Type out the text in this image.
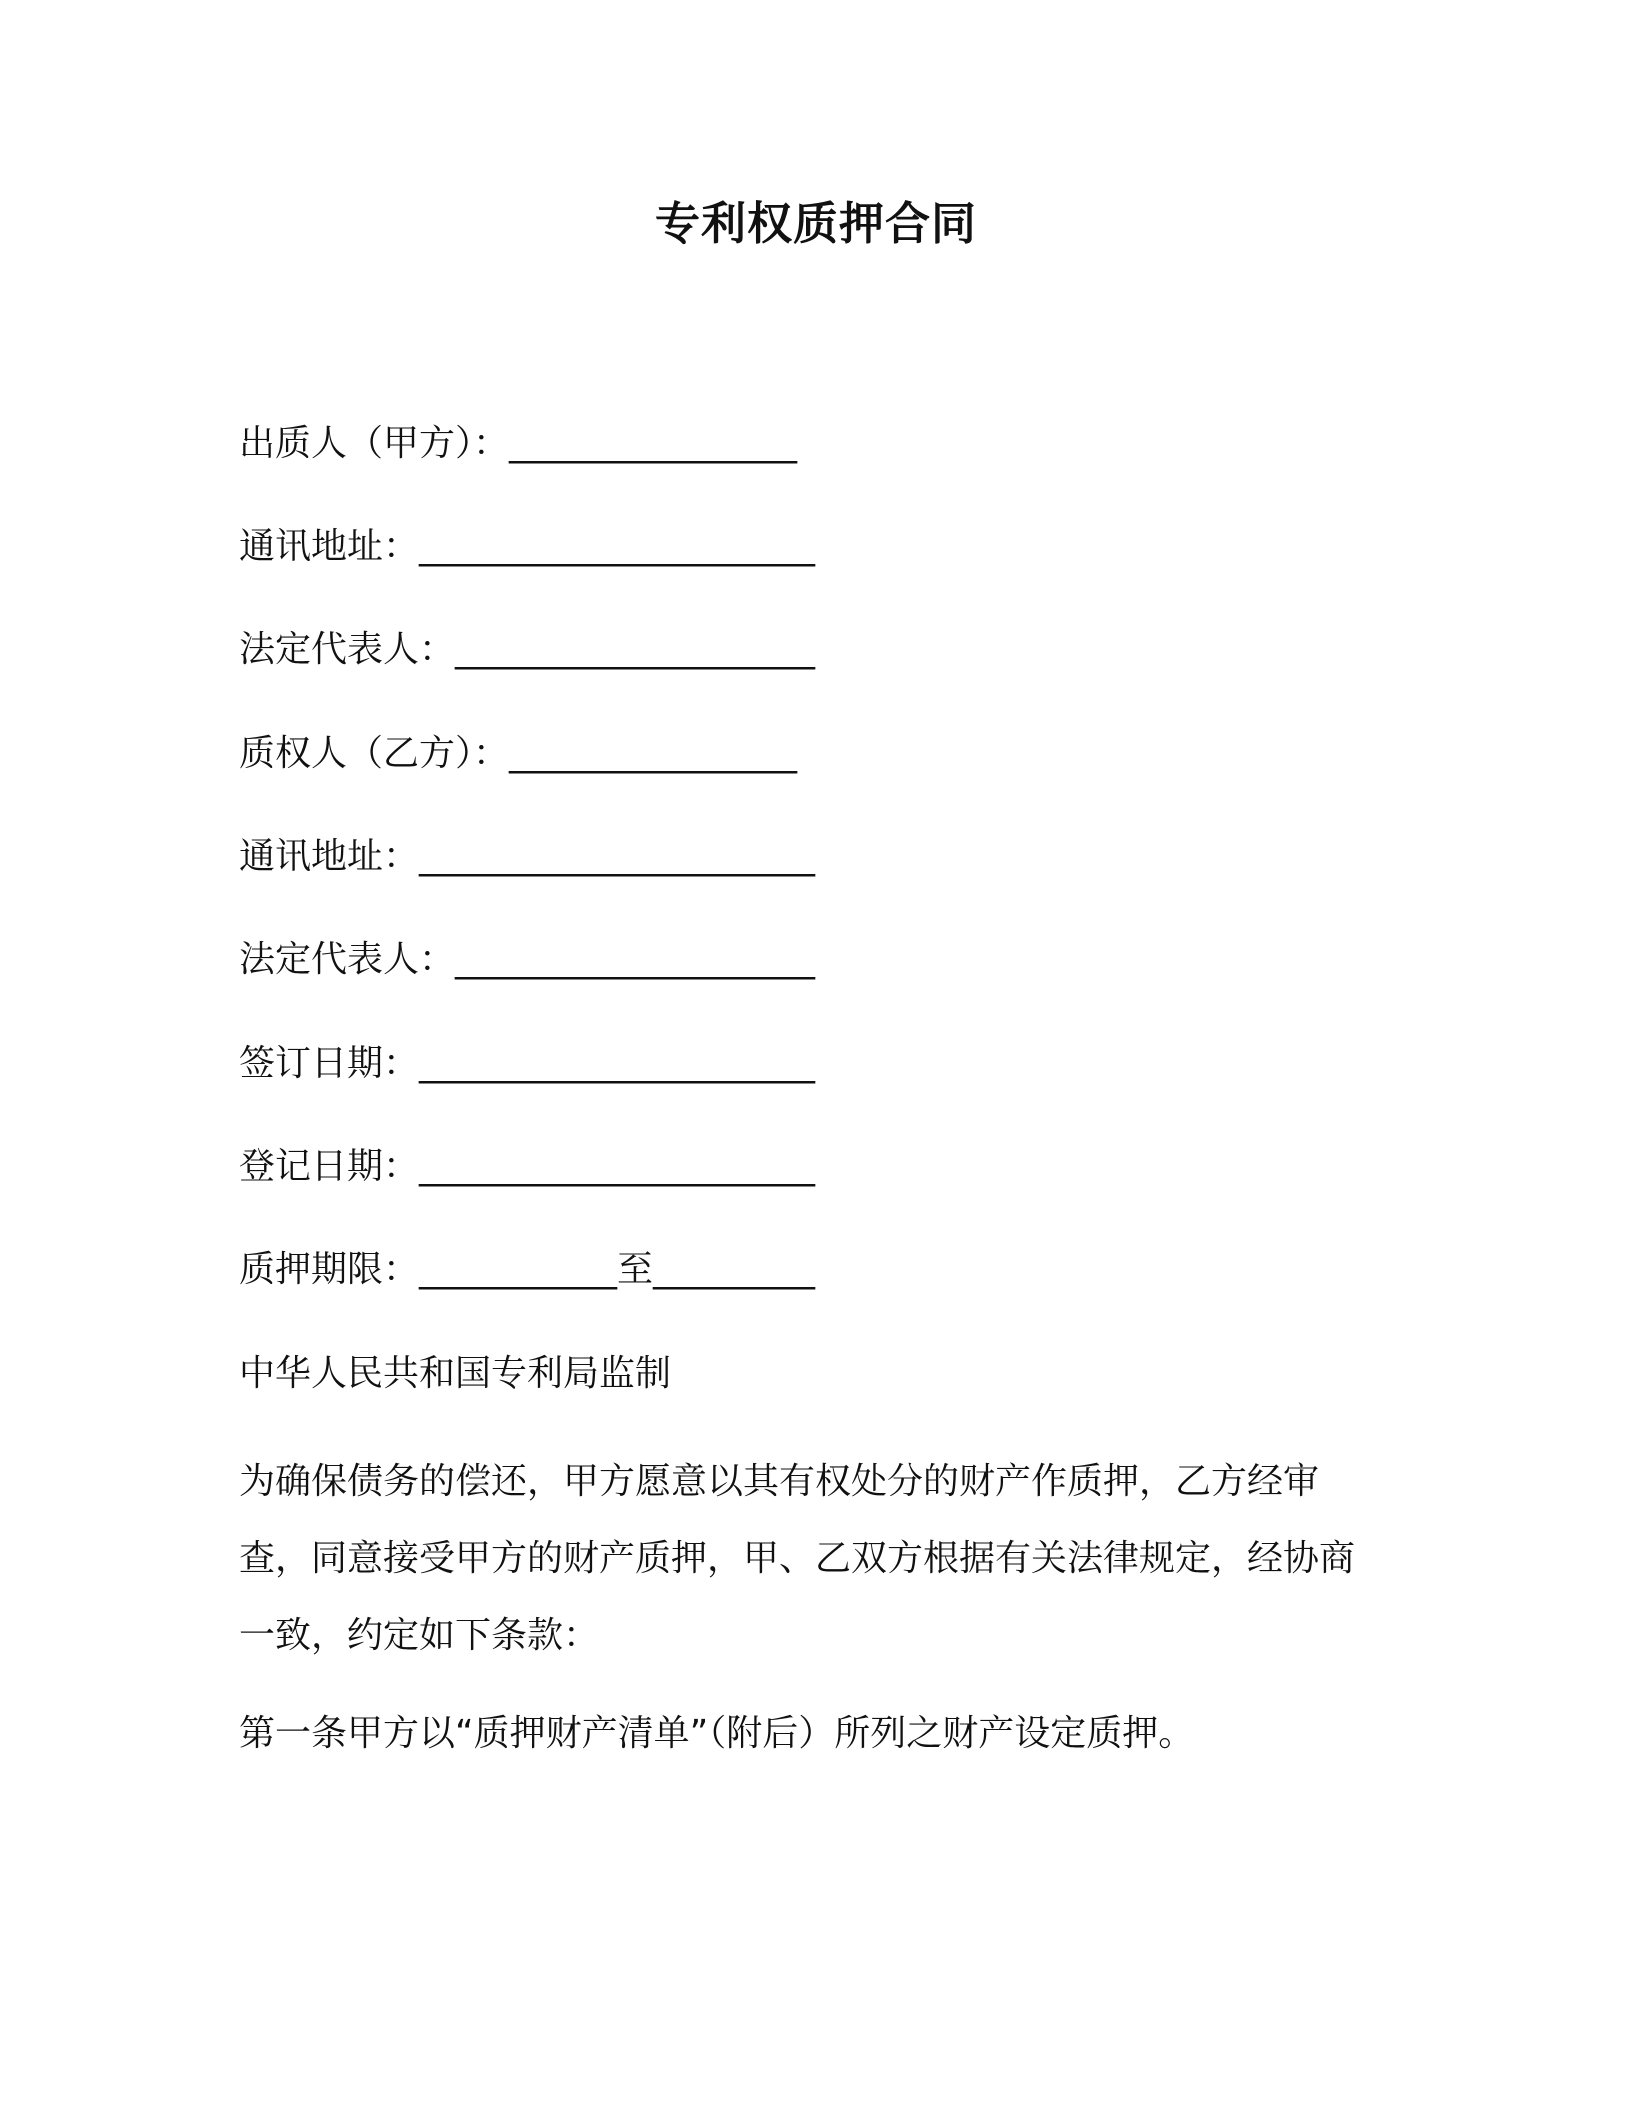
专利权质押合同
出质人（甲方）：________________
通讯地址：______________________
法定代表人：____________________
质权人（乙方）：________________
通讯地址：______________________
法定代表人：____________________
签订日期：______________________
登记日期：______________________
质押期限：___________至_________
中华人民共和国专利局监制
为确保债务的偿还，甲方愿意以其有权处分的财产作质押，乙方经审查，同意接受甲方的财产质押，甲、乙双方根据有关法律规定，经协商一致，约定如下条款：
第一条甲方以“质押财产清单”（附后）所列之财产设定质押。
